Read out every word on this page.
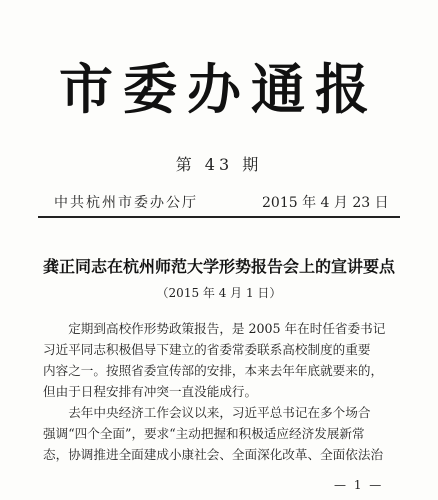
市委办通报
第 43 期
中共杭州市委办公厅	2015 年 4 月 23 日
龚正同志在杭州师范大学形势报告会上的宣讲要点
（2015 年 4 月 1 日）

定期到高校作形势政策报告，是 2005 年在时任省委书记
习近平同志积极倡导下建立的省委常委联系高校制度的重要
内容之一。按照省委宣传部的安排，本来去年年底就要来的，
但由于日程安排有冲突一直没能成行。

去年中央经济工作会议以来，习近平总书记在多个场合
强调“四个全面”，要求“主动把握和积极适应经济发展新常
态，协调推进全面建成小康社会、全面深化改革、全面依法治

— 1 —
